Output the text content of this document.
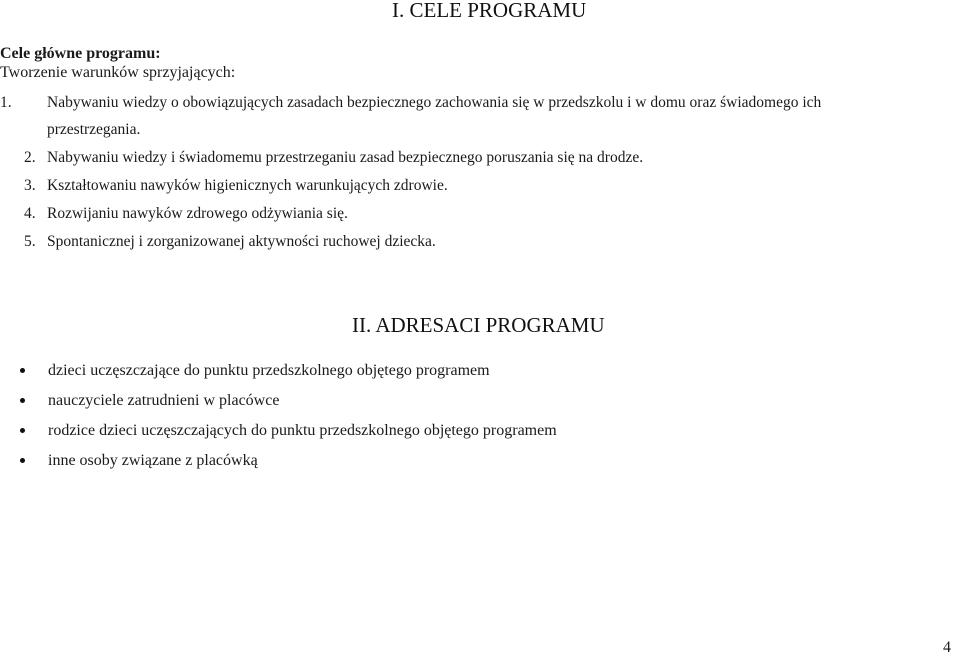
I. CELE PROGRAMU
Cele główne programu:
Tworzenie warunków sprzyjających:
1. Nabywaniu wiedzy o obowiązujących zasadach bezpiecznego zachowania się w przedszkolu i w domu oraz świadomego ich
przestrzegania.
2. Nabywaniu wiedzy i świadomemu przestrzeganiu zasad bezpiecznego poruszania się na drodze.
3. Kształtowaniu nawyków higienicznych warunkujących zdrowie.
4. Rozwijaniu nawyków zdrowego odżywiania się.
5. Spontanicznej i zorganizowanej aktywności ruchowej dziecka.
II. ADRESACI PROGRAMU
dzieci uczęszczające do punktu przedszkolnego objętego programem
nauczyciele zatrudnieni w placówce
rodzice dzieci uczęszczających do punktu przedszkolnego objętego programem
inne osoby związane z placówką
4
